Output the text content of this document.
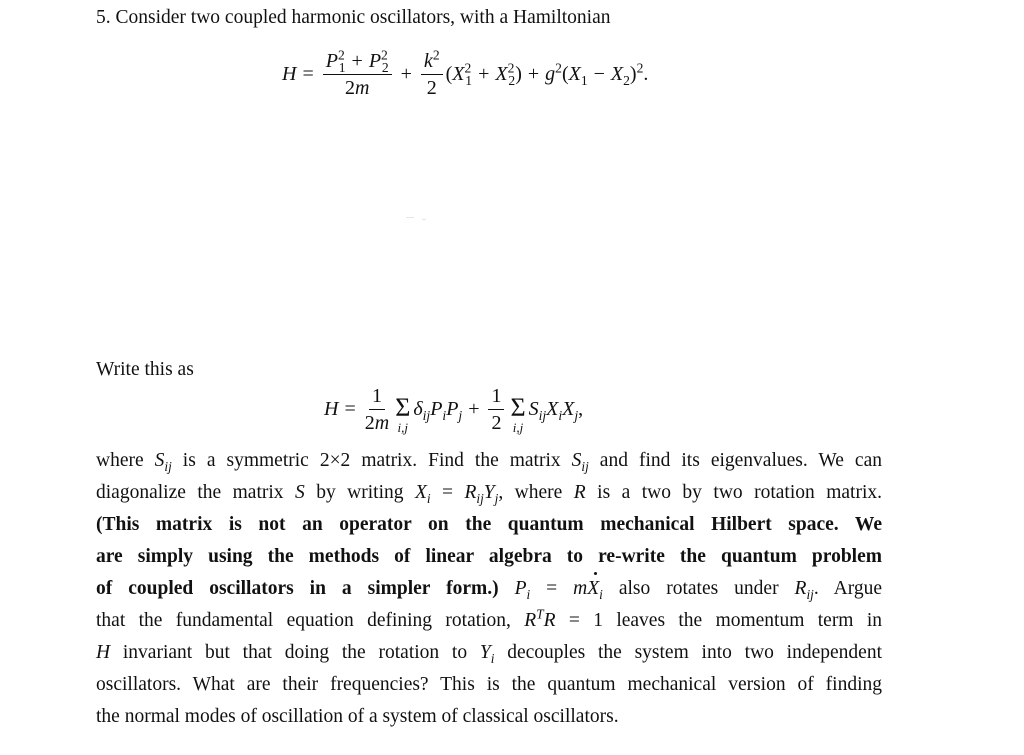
5. Consider two coupled harmonic oscillators, with a Hamiltonian
$H = \frac{P^2_1 + P^2_2}{2m} + \frac{k^2}{2} (X^2_1 + X^2_2) + g^2(X_1 - X_2)^2$.
Write this as
$H = \frac{1}{2m}$ Σ
i,j
$\delta_{ij}P_iP_j + \frac{1}{2}$ Σ
i,j
$S_{ij}X_iX_j$,
where $S_{ij}$ is a symmetric 2×2 matrix. Find the matrix $S_{ij}$ and find its eigenvalues. We can
diagonalize the matrix S by writing $X_i = R_{ij}Y_j$, where R is a two by two rotation matrix.
(This matrix is not an operator on the quantum mechanical Hilbert space. We
are simply using the methods of linear algebra to re-write the quantum problem
of coupled oscillators in a simpler form.) $P_i = mX_i$ also rotates under $R_{ij}$. Argue
that the fundamental equation defining rotation, $R^TR = 1$ leaves the momentum term in
H invariant but that doing the rotation to $Y_i$ decouples the system into two independent
oscillators. What are their frequencies? This is the quantum mechanical version of finding
the normal modes of oscillation of a system of classical oscillators.
